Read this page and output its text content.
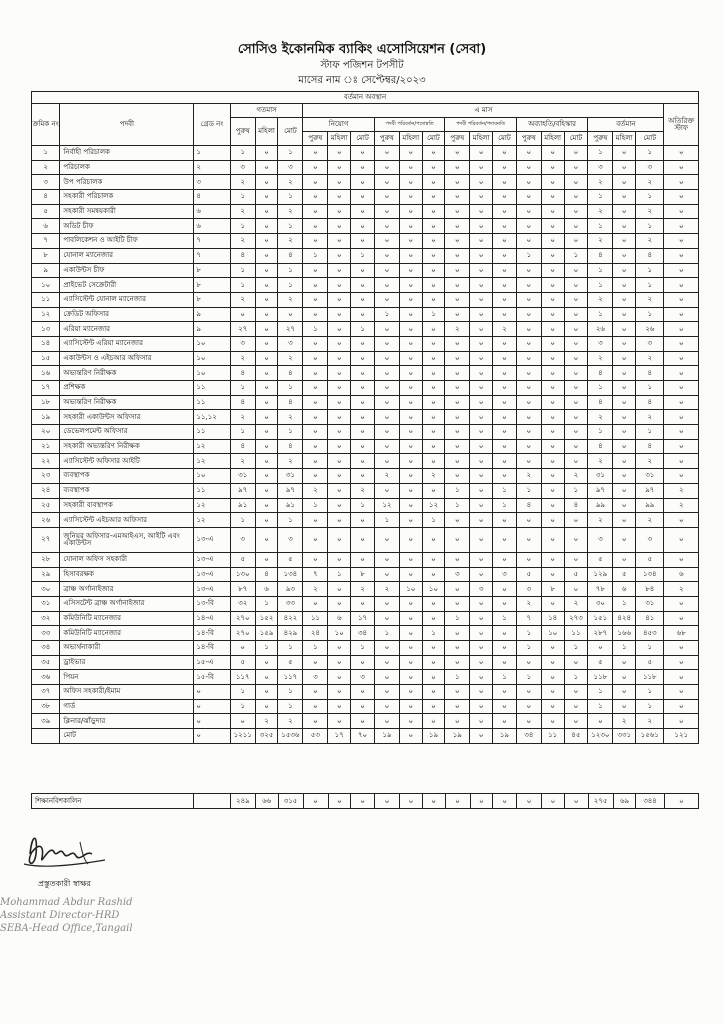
সোসিও ইকোনমিক ব্যাকিং এসোসিয়েশন (সেবা)
স্টাফ পজিশন টপসীট
মাসের নাম ঃ সেপ্টেম্বর/২০২৩
বর্তমান অবস্থান																					
ক্রমিক নং	পদবী	গ্রেড নং	গতমাস			এ মাস															অতিরিক্ত স্টাফ
			পুরুষ	মহিলা	মোট	নিয়োগ			পদবী পরিবর্তন/পদোন্নতি			পদবী পরিবর্তন/পদাবনতি			অব্যাহতি/বহিস্কার			বর্তমান			
						পুরুষ	মহিলা	মোট	পুরুষ	মহিলা	মোট	পুরুষ	মহিলা	মোট	পুরুষ	মহিলা	মোট	পুরুষ	মহিলা	মোট	
১	নির্বাহী পরিচালক	১	১	০	১	০	০	০	০	০	০	০	০	০	০	০	০	১	০	১	০
২	পরিচালক	২	৩	০	৩	০	০	০	০	০	০	০	০	০	০	০	০	৩	০	৩	০
৩	উপ পরিচালক	৩	২	০	২	০	০	০	০	০	০	০	০	০	০	০	০	২	০	২	০
৪	সহকারী পরিচালক	৪	১	০	১	০	০	০	০	০	০	০	০	০	০	০	০	১	০	১	০
৫	সহকারী সমন্বয়কারী	৬	২	০	২	০	০	০	০	০	০	০	০	০	০	০	০	২	০	২	০
৬	অডিট চীফ	৬	১	০	১	০	০	০	০	০	০	০	০	০	০	০	০	১	০	১	০
৭	পাবলিকেশন ও আইটি চীফ	৭	২	০	২	০	০	০	০	০	০	০	০	০	০	০	০	২	০	২	০
৮	যোনাল ম্যানেজার	৭	৪	০	৪	১	০	১	০	০	০	০	০	০	১	০	১	৪	০	৪	০
৯	একাউন্টস চীফ	৮	১	০	১	০	০	০	০	০	০	০	০	০	০	০	০	১	০	১	০
১০	প্রাইভেট সেক্রেটারী	৮	১	০	১	০	০	০	০	০	০	০	০	০	০	০	০	১	০	১	০
১১	এ্যাসিস্টেন্ট যোনাল ম্যানেজার	৮	২	০	২	০	০	০	০	০	০	০	০	০	০	০	০	২	০	২	০
১২	ক্রেডিট অফিসার	৯	০	০	০	০	০	০	১	০	১	০	০	০	০	০	০	১	০	১	০
১৩	এরিয়া ম্যানেজার	৯	২৭	০	২৭	১	০	১	০	০	০	২	০	২	০	০	০	২৬	০	২৬	০
১৪	এ্যাসিস্টেন্ট এরিয়া ম্যানেজার	১০	৩	০	৩	০	০	০	০	০	০	০	০	০	০	০	০	৩	০	৩	০
১৫	একাউন্টস ও এইচআর অফিসার	১০	২	০	২	০	০	০	০	০	০	০	০	০	০	০	০	২	০	২	০
১৬	অভ্যন্তরিণ নিরীক্ষক	১০	৪	০	৪	০	০	০	০	০	০	০	০	০	০	০	০	৪	০	৪	০
১৭	প্রশিক্ষক	১১	১	০	১	০	০	০	০	০	০	০	০	০	০	০	০	১	০	১	০
১৮	অভ্যন্তরিণ নিরীক্ষক	১১	৪	০	৪	০	০	০	০	০	০	০	০	০	০	০	০	৪	০	৪	০
১৯	সহকারী একাউন্টস অফিসার	১১,১২	২	০	২	০	০	০	০	০	০	০	০	০	০	০	০	২	০	২	০
২০	ডেভেলপমেন্ট অফিসার	১১	১	০	১	০	০	০	০	০	০	০	০	০	০	০	০	১	০	১	০
২১	সহকারী অভ্যন্তরিণ নিরীক্ষক	১২	৪	০	৪	০	০	০	০	০	০	০	০	০	০	০	০	৪	০	৪	০
২২	এ্যাসিস্টেন্ট অফিসার আইটি	১২	২	০	২	০	০	০	০	০	০	০	০	০	০	০	০	২	০	২	০
২৩	ব্যবস্থাপক	১০	৩১	০	৩১	০	০	০	২	০	২	০	০	০	২	০	২	৩১	০	৩১	০
২৪	ব্যবস্থাপক	১১	৯৭	০	৯৭	২	০	২	০	০	০	১	০	১	১	০	১	৯৭	০	৯৭	২
২৫	সহকারী ব্যবস্থাপক	১২	৯১	০	৯১	১	০	১	১২	০	১২	১	০	১	৪	০	৪	৯৯	০	৯৯	২
২৬	এ্যাসিস্টেন্ট এইচআর অফিসার	১২	১	০	১	০	০	০	১	০	১	০	০	০	০	০	০	২	০	২	০
২৭	জুনিয়র অফিসার-এমআইএস, আইটি এবং একাউন্টস	১৩-এ	৩	০	৩	০	০	০	০	০	০	০	০	০	০	০	০	৩	০	৩	০
২৮	যোনাল অফিস সহকারী	১৩-এ	৫	০	৫	০	০	০	০	০	০	০	০	০	০	০	০	৫	০	৫	০
২৯	হিসাবরক্ষক	১৩-এ	১৩০	৪	১৩৪	৭	১	৮	০	০	০	৩	০	৩	৫	০	৫	১২৯	৫	১৩৪	৬
৩০	ব্রাঞ্চ অর্গানাইজার	১৩-এ	৮৭	৬	৯৩	২	০	২	২	১০	১০	০	৩	০	৩	৮	০	৭৮	৬	৮৪	২
৩১	এসিসটেন্ট ব্রাঞ্চ অর্গানাইজার	১৩-বি	৩২	১	৩৩	০	০	০	০	০	০	০	০	০	২	০	২	৩০	১	৩১	০
৩২	কমিউনিটি ম্যানেজার	১৪-এ	২৭০	১৫২	৪২২	১১	৬	১৭	০	০	০	১	০	১	৭	১৪	২৭৩	১৫১	৪২৪	৪১	০
৩৩	কমিউনিটি ম্যানেজার	১৪-বি	২৭০	১৫৯	৪২৯	২৪	১০	৩৪	১	০	১	০	০	০	১	১০	১১	২৮৭	১৬৬	৪৫৩	৬৮
৩৪	অভ্যর্থনাকারী	১৪-বি	০	১	১	১	০	১	০	০	০	০	০	০	১	০	১	০	১	১	০
৩৫	ড্রাইভার	১৫-এ	৫	০	৫	০	০	০	০	০	০	০	০	০	০	০	০	৫	০	৫	০
৩৬	পিয়ন	১৫-বি	১১৭	০	১১৭	৩	০	৩	০	০	০	১	০	১	১	০	১	১১৮	০	১১৮	০
৩৭	অফিস সহকারী/ইমাম	০	১	০	১	০	০	০	০	০	০	০	০	০	০	০	০	১	০	১	০
৩৮	গার্ড	০	১	০	১	০	০	০	০	০	০	০	০	০	০	০	০	১	০	১	০
৩৯	ক্লিনার/ঝাঁড়ুদার	০	০	২	২	০	০	০	০	০	০	০	০	০	০	০	০	০	২	২	০
	মোট	০	১২১১	৩২৫	১৫৩৬	৫৩	১৭	৭০	১৯	০	১৯	১৯	০	১৯	৩৪	১১	৪৫	১২৩০	৩৩১	১৫৬১	১২১
শিক্ষানবিশকালিন		২৪৯	৬৬	৩১৫	০	০	০	০	০	০	০	০	০	০	০	০	২৭৫	৬৯	৩৪৪	০
প্রস্তুতকারী স্বাক্ষর
Mohammad Abdur Rashid
Assistant Director-HRD
SEBA-Head Office,Tangail
